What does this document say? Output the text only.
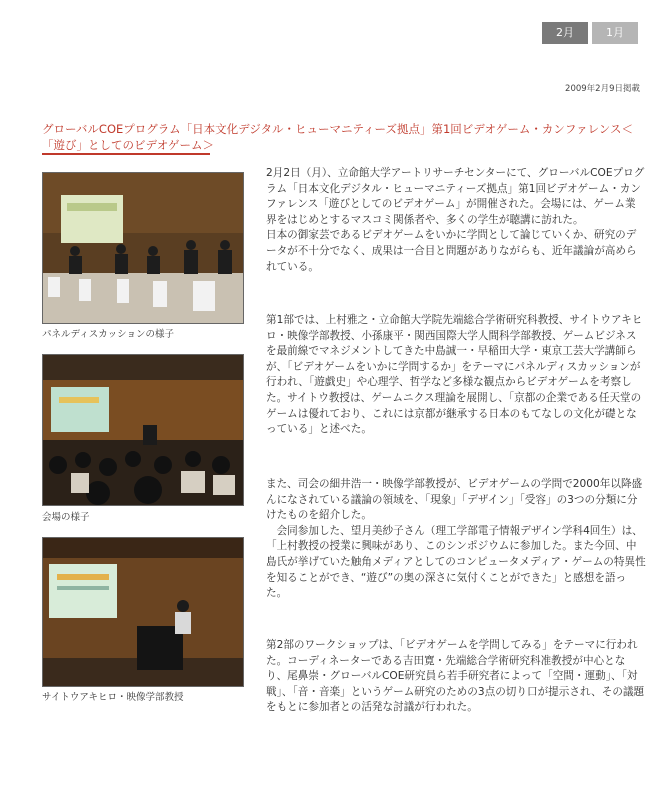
2月	1月
2009年2月9日掲載
グローバルCOEプログラム「日本文化デジタル・ヒューマニティーズ拠点」第1回ビデオゲーム・カンファレンス＜「遊び」としてのビデオゲーム＞
パネルディスカッションの様子
会場の様子
サイトウアキヒロ・映像学部教授

2月2日（月）、立命館大学アートリサーチセンターにて、グローバルCOEプログラム「日本文化デジタル・ヒューマニティーズ拠点」第1回ビデオゲーム・カンファレンス「遊びとしてのビデオゲーム」が開催された。会場には、ゲーム業界をはじめとするマスコミ関係者や、多くの学生が聴講に訪れた。

日本の御家芸であるビデオゲームをいかに学問として論じていくか、研究のデータが不十分でなく、成果は一合目と問題がありながらも、近年議論が高められている。

第1部では、上村雅之・立命館大学院先端総合学術研究科教授、サイトウアキヒロ・映像学部教授、小孫康平・関西国際大学人間科学部教授、ゲームビジネスを最前線でマネジメントしてきた中島誠一・早稲田大学・東京工芸大学講師らが、「ビデオゲームをいかに学問するか」をテーマにパネルディスカッションが行われ、「遊戯史」や心理学、哲学など多様な観点からビデオゲームを考察した。サイトウ教授は、ゲームニクス理論を展開し、「京都の企業である任天堂のゲームは優れており、これには京都が継承する日本のもてなしの文化が礎となっている」と述べた。

また、司会の細井浩一・映像学部教授が、ビデオゲームの学問で2000年以降盛んになされている議論の領域を、「現象」「デザイン」「受容」の3つの分類に分けたものを紹介した。

　会同参加した、望月美紗子さん（理工学部電子情報デザイン学科4回生）は、「上村教授の授業に興味があり、このシンポジウムに参加した。また今回、中島氏が挙げていた触角メディアとしてのコンピュータメディア・ゲームの特異性を知ることができ、“遊び”の奥の深さに気付くことができた」と感想を語った。

第2部のワークショップは、「ビデオゲームを学問してみる」をテーマに行われた。コーディネーターである吉田寛・先端総合学術研究科准教授が中心となり、尾鼻崇・グローバルCOE研究員ら若手研究者によって「空間・運動」、「対戦」、「音・音楽」というゲーム研究のための3点の切り口が提示され、その議題をもとに参加者との活発な討議が行われた。
